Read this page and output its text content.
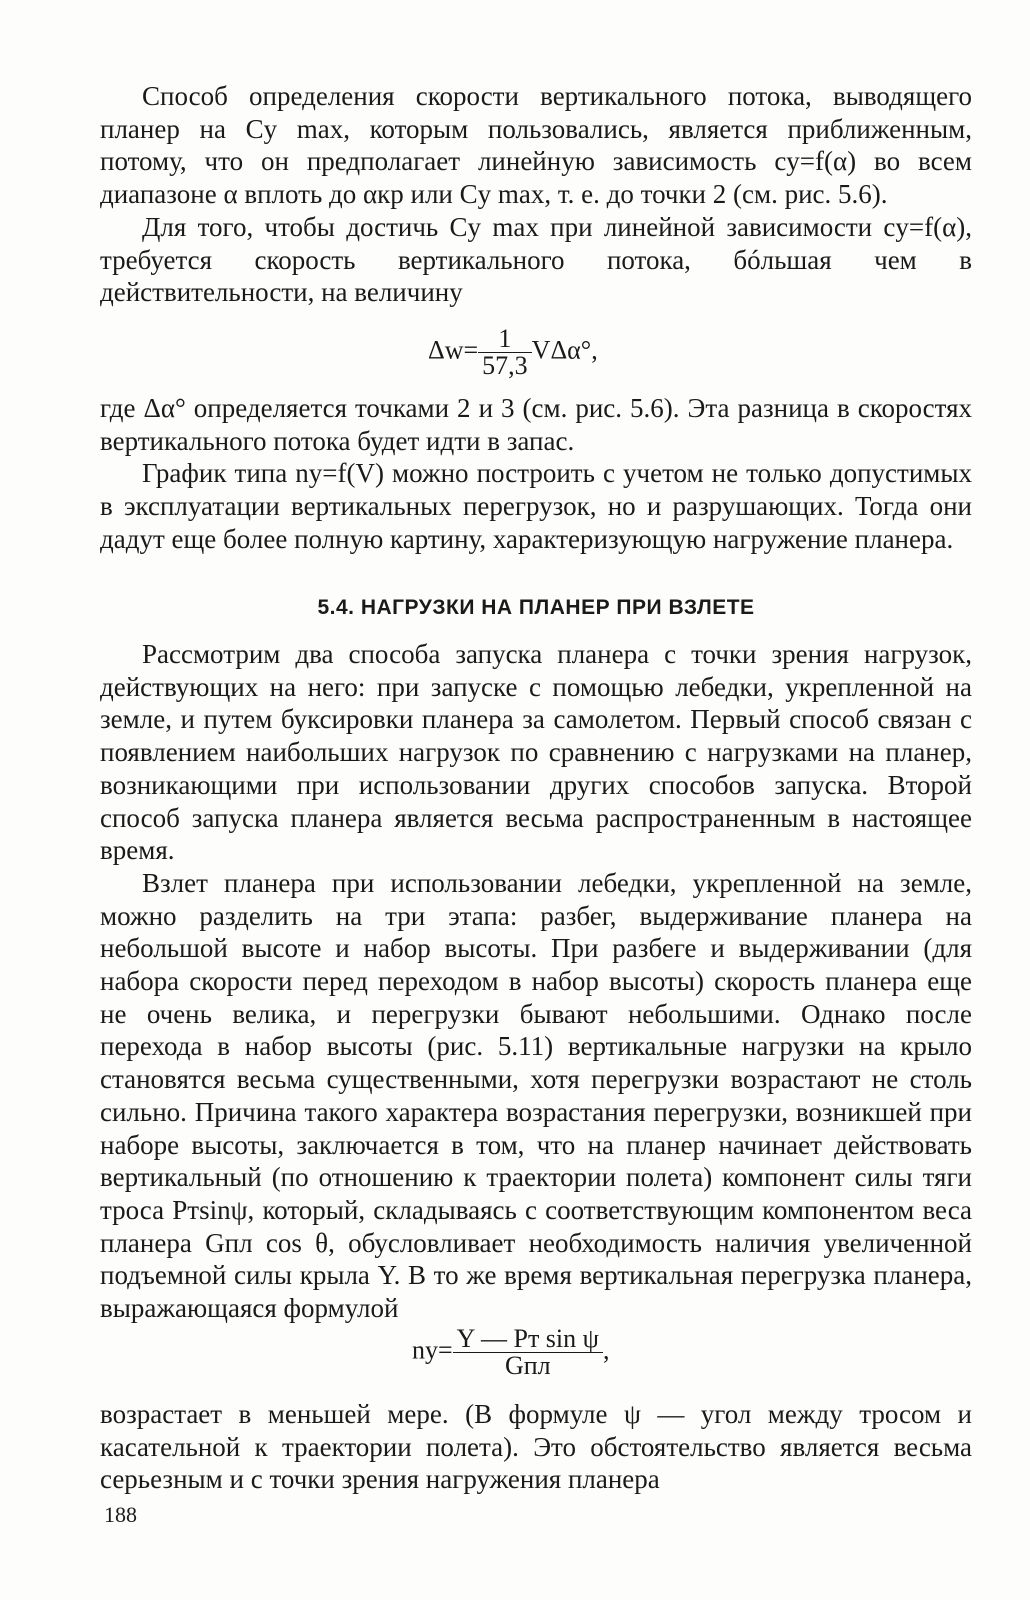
Способ определения скорости вертикального потока, выводящего планер на Cy max, которым пользовались, является приближенным, потому, что он предполагает линейную зависимость cy=f(α) во всем диапазоне α вплоть до αкр или Cy max, т. е. до точки 2 (см. рис. 5.6).

Для того, чтобы достичь Cy max при линейной зависимости cy=f(α), требуется скорость вертикального потока, бóльшая чем в действительности, на величину

$\Delta w= \frac{1}{57,3} V\Delta\alpha^\circ$,

где Δα° определяется точками 2 и 3 (см. рис. 5.6). Эта разница в скоростях вертикального потока будет идти в запас.

График типа ny=f(V) можно построить с учетом не только допустимых в эксплуатации вертикальных перегрузок, но и разрушающих. Тогда они дадут еще более полную картину, характеризующую нагружение планера.

5.4. НАГРУЗКИ НА ПЛАНЕР ПРИ ВЗЛЕТЕ

Рассмотрим два способа запуска планера с точки зрения нагрузок, действующих на него: при запуске с помощью лебедки, укрепленной на земле, и путем буксировки планера за самолетом. Первый способ связан с появлением наибольших нагрузок по сравнению с нагрузками на планер, возникающими при использовании других способов запуска. Второй способ запуска планера является весьма распространенным в настоящее время.

Взлет планера при использовании лебедки, укрепленной на земле, можно разделить на три этапа: разбег, выдерживание планера на небольшой высоте и набор высоты. При разбеге и выдерживании (для набора скорости перед переходом в набор высоты) скорость планера еще не очень велика, и перегрузки бывают небольшими. Однако после перехода в набор высоты (рис. 5.11) вертикальные нагрузки на крыло становятся весьма существенными, хотя перегрузки возрастают не столь сильно. Причина такого характера возрастания перегрузки, возникшей при наборе высоты, заключается в том, что на планер начинает действовать вертикальный (по отношению к траектории полета) компонент силы тяги троса Pтsinψ, который, складываясь с соответствующим компонентом веса планера Gпл cos θ, обусловливает необходимость наличия увеличенной подъемной силы крыла Y. В то же время вертикальная перегрузка планера, выражающаяся формулой

$ny= \frac{\text{Y — Pт sin ψ}}{\text{Gпл}}$ ,

возрастает в меньшей мере. (В формуле ψ — угол между тросом и касательной к траектории полета). Это обстоятельство является весьма серьезным и с точки зрения нагружения планера

188
